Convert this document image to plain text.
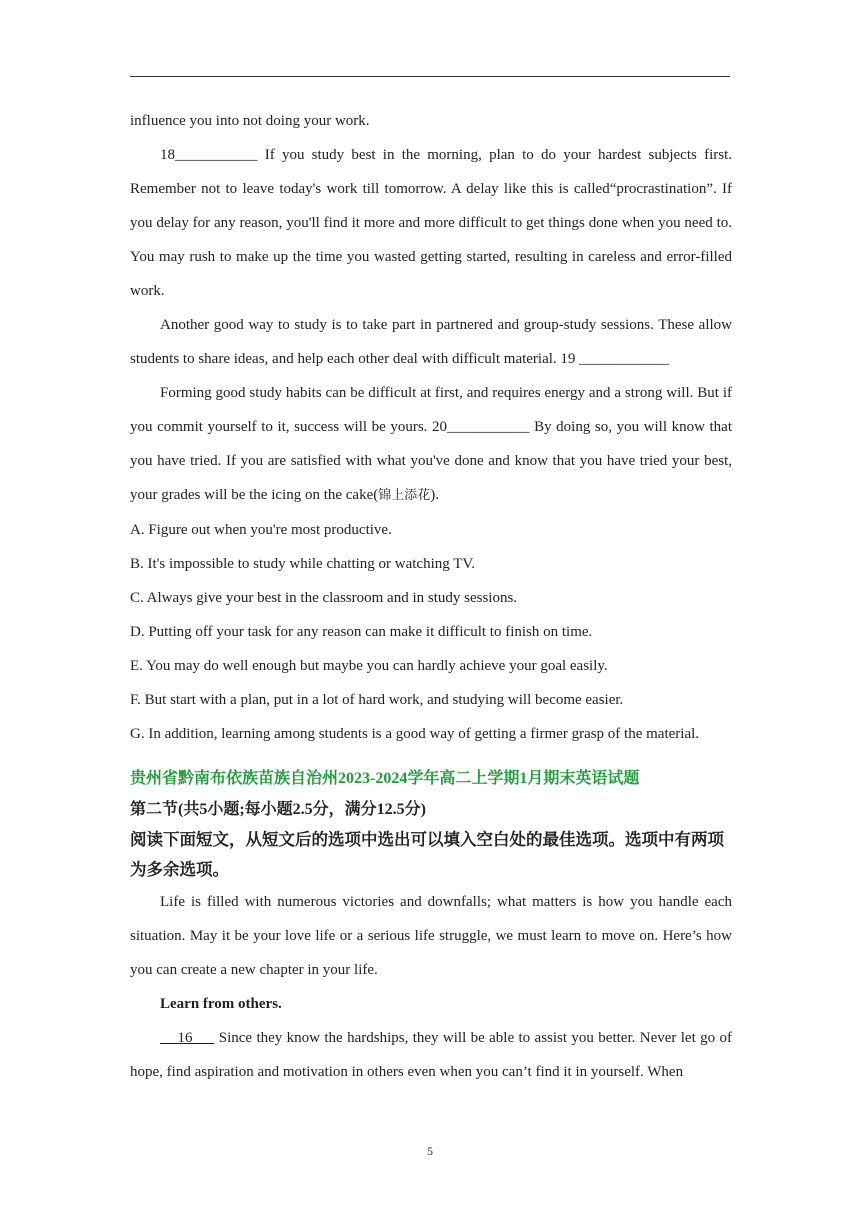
influence you into not doing your work.

18___________ If you study best in the morning, plan to do your hardest subjects first. Remember not to leave today's work till tomorrow. A delay like this is called“procrastination”. If you delay for any reason, you'll find it more and more difficult to get things done when you need to. You may rush to make up the time you wasted getting started, resulting in careless and error-filled work.

Another good way to study is to take part in partnered and group-study sessions. These allow students to share ideas, and help each other deal with difficult material. 19 ____________

Forming good study habits can be difficult at first, and requires energy and a strong will. But if you commit yourself to it, success will be yours. 20___________ By doing so, you will know that you have tried. If you are satisfied with what you've done and know that you have tried your best, your grades will be the icing on the cake(锦上添花).

A. Figure out when you're most productive.

B. It's impossible to study while chatting or watching TV.

C. Always give your best in the classroom and in study sessions.

D. Putting off your task for any reason can make it difficult to finish on time.

E. You may do well enough but maybe you can hardly achieve your goal easily.

F. But start with a plan, put in a lot of hard work, and studying will become easier.

G. In addition, learning among students is a good way of getting a firmer grasp of the material.

贵州省黔南布依族苗族自治州2023-2024学年高二上学期1月期末英语试题

第二节(共5小题;每小题2.5分，满分12.5分)

阅读下面短文，从短文后的选项中选出可以填入空白处的最佳选项。选项中有两项为多余选项。

Life is filled with numerous victories and downfalls; what matters is how you handle each situation. May it be your love life or a serious life struggle, we must learn to move on. Here’s how you can create a new chapter in your life.

Learn from others.

16      Since they know the hardships, they will be able to assist you better. Never let go of hope, find aspiration and motivation in others even when you can’t find it in yourself. When

5
